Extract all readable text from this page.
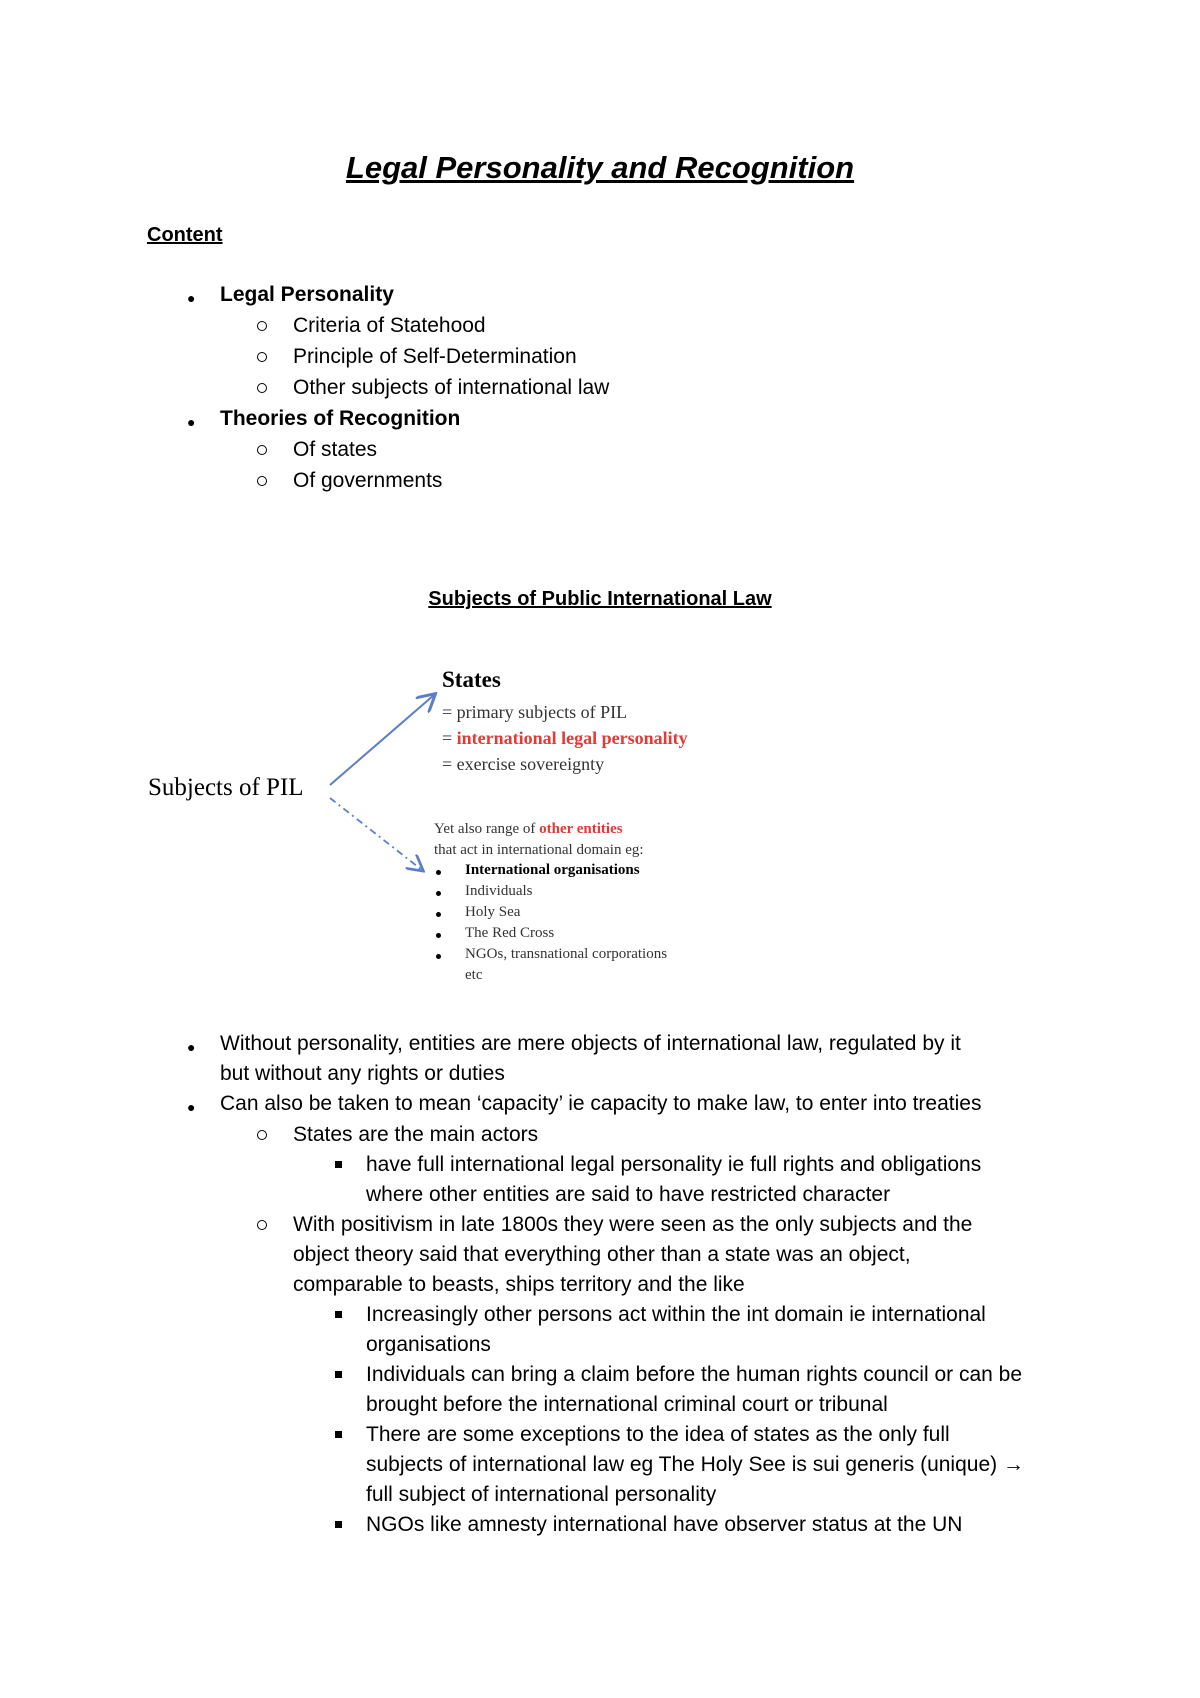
Legal Personality and Recognition
Content
● Legal Personality
Criteria of Statehood
Principle of Self-Determination
Other subjects of international law
● Theories of Recognition
Of states
Of governments
Subjects of Public International Law
Subjects of PIL
States
= primary subjects of PIL
= international legal personality
= exercise sovereignty
Yet also range of other entities
that act in international domain eg:
International organisations
Individuals
Holy Sea
The Red Cross
NGOs, transnational corporations
etc
● Without personality, entities are mere objects of international law, regulated by it
but without any rights or duties
● Can also be taken to mean ‘capacity’ ie capacity to make law, to enter into treaties
States are the main actors
have full international legal personality ie full rights and obligations
where other entities are said to have restricted character
With positivism in late 1800s they were seen as the only subjects and the
object theory said that everything other than a state was an object,
comparable to beasts, ships territory and the like
Increasingly other persons act within the int domain ie international
organisations
Individuals can bring a claim before the human rights council or can be
brought before the international criminal court or tribunal
There are some exceptions to the idea of states as the only full
subjects of international law eg The Holy See is sui generis (unique) →
full subject of international personality
NGOs like amnesty international have observer status at the UN
